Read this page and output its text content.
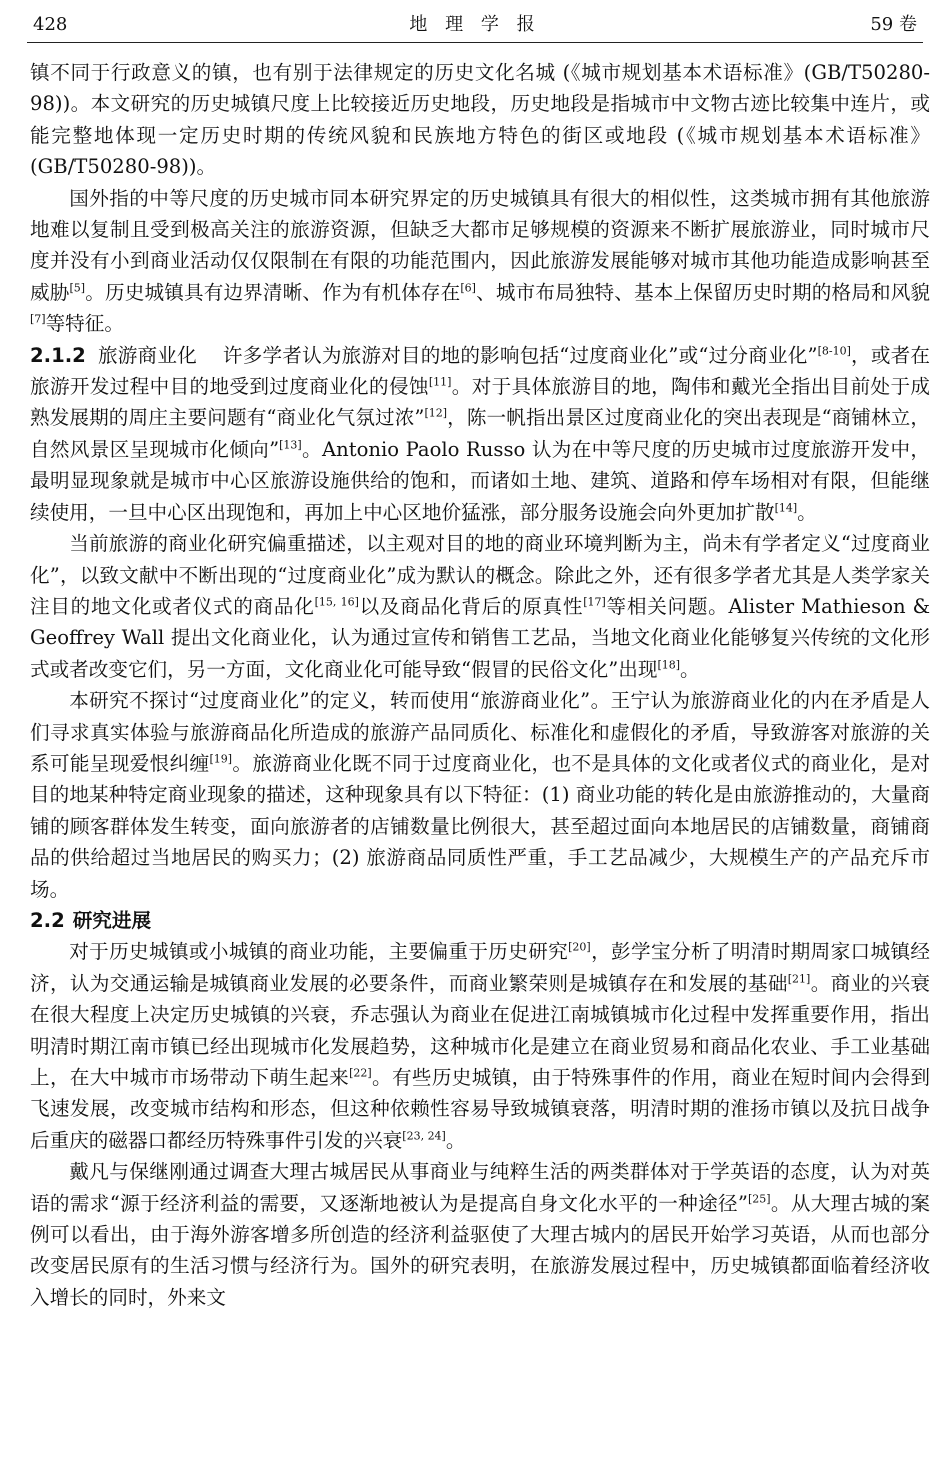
428	地 理 学 报	59 卷

镇不同于行政意义的镇，也有别于法律规定的历史文化名城 (《城市规划基本术语标准》(GB/T50280-98))。本文研究的历史城镇尺度上比较接近历史地段，历史地段是指城市中文物古迹比较集中连片，或能完整地体现一定历史时期的传统风貌和民族地方特色的街区或地段 (《城市规划基本术语标准》 (GB/T50280-98))。

国外指的中等尺度的历史城市同本研究界定的历史城镇具有很大的相似性，这类城市拥有其他旅游地难以复制且受到极高关注的旅游资源，但缺乏大都市足够规模的资源来不断扩展旅游业，同时城市尺度并没有小到商业活动仅仅限制在有限的功能范围内，因此旅游发展能够对城市其他功能造成影响甚至威胁[5]。历史城镇具有边界清晰、作为有机体存在[6]、城市布局独特、基本上保留历史时期的格局和风貌[7]等特征。

2.1.2 旅游商业化 许多学者认为旅游对目的地的影响包括“过度商业化”或“过分商业化”[8-10]，或者在旅游开发过程中目的地受到过度商业化的侵蚀[11]。对于具体旅游目的地，陶伟和戴光全指出目前处于成熟发展期的周庄主要问题有“商业化气氛过浓”[12]，陈一帆指出景区过度商业化的突出表现是“商铺林立，自然风景区呈现城市化倾向”[13]。Antonio Paolo Russo 认为在中等尺度的历史城市过度旅游开发中，最明显现象就是城市中心区旅游设施供给的饱和，而诸如土地、建筑、道路和停车场相对有限，但能继续使用，一旦中心区出现饱和，再加上中心区地价猛涨，部分服务设施会向外更加扩散[14]。

当前旅游的商业化研究偏重描述，以主观对目的地的商业环境判断为主，尚未有学者定义“过度商业化”，以致文献中不断出现的“过度商业化”成为默认的概念。除此之外，还有很多学者尤其是人类学家关注目的地文化或者仪式的商品化[15, 16]以及商品化背后的原真性[17]等相关问题。Alister Mathieson & Geoffrey Wall 提出文化商业化，认为通过宣传和销售工艺品，当地文化商业化能够复兴传统的文化形式或者改变它们，另一方面，文化商业化可能导致“假冒的民俗文化”出现[18]。

本研究不探讨“过度商业化”的定义，转而使用“旅游商业化”。王宁认为旅游商业化的内在矛盾是人们寻求真实体验与旅游商品化所造成的旅游产品同质化、标准化和虚假化的矛盾，导致游客对旅游的关系可能呈现爱恨纠缠[19]。旅游商业化既不同于过度商业化，也不是具体的文化或者仪式的商业化，是对目的地某种特定商业现象的描述，这种现象具有以下特征：(1) 商业功能的转化是由旅游推动的，大量商铺的顾客群体发生转变，面向旅游者的店铺数量比例很大，甚至超过面向本地居民的店铺数量，商铺商品的供给超过当地居民的购买力；(2) 旅游商品同质性严重，手工艺品减少，大规模生产的产品充斥市场。

2.2 研究进展

对于历史城镇或小城镇的商业功能，主要偏重于历史研究[20]，彭学宝分析了明清时期周家口城镇经济，认为交通运输是城镇商业发展的必要条件，而商业繁荣则是城镇存在和发展的基础[21]。商业的兴衰在很大程度上决定历史城镇的兴衰，乔志强认为商业在促进江南城镇城市化过程中发挥重要作用，指出明清时期江南市镇已经出现城市化发展趋势，这种城市化是建立在商业贸易和商品化农业、手工业基础上，在大中城市市场带动下萌生起来[22]。有些历史城镇，由于特殊事件的作用，商业在短时间内会得到飞速发展，改变城市结构和形态，但这种依赖性容易导致城镇衰落，明清时期的淮扬市镇以及抗日战争后重庆的磁器口都经历特殊事件引发的兴衰[23, 24]。

戴凡与保继刚通过调查大理古城居民从事商业与纯粹生活的两类群体对于学英语的态度，认为对英语的需求“源于经济利益的需要，又逐渐地被认为是提高自身文化水平的一种途径”[25]。从大理古城的案例可以看出，由于海外游客增多所创造的经济利益驱使了大理古城内的居民开始学习英语，从而也部分改变居民原有的生活习惯与经济行为。国外的研究表明，在旅游发展过程中，历史城镇都面临着经济收入增长的同时，外来文
